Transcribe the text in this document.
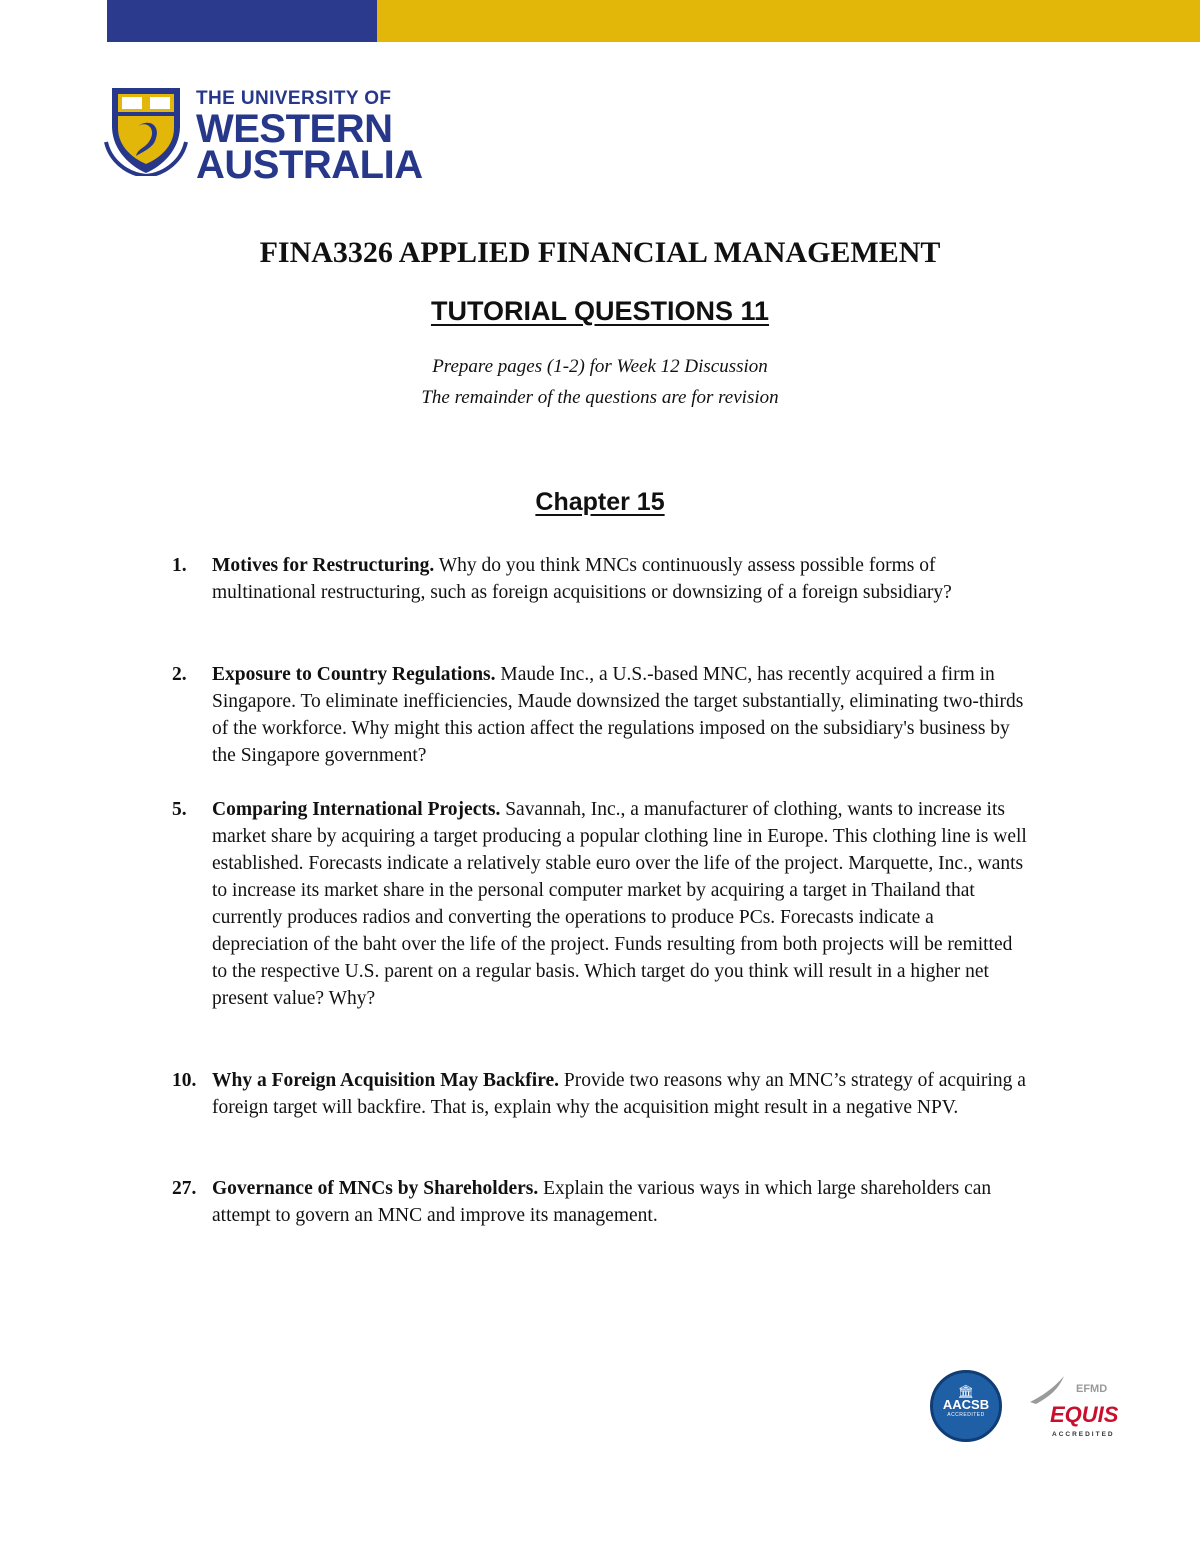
THE UNIVERSITY OF
WESTERN
AUSTRALIA
FINA3326 APPLIED FINANCIAL MANAGEMENT
TUTORIAL QUESTIONS 11
Prepare pages (1-2) for Week 12 Discussion
The remainder of the questions are for revision
Chapter 15
1. Motives for Restructuring. Why do you think MNCs continuously assess possible forms of multinational restructuring, such as foreign acquisitions or downsizing of a foreign subsidiary?
2. Exposure to Country Regulations. Maude Inc., a U.S.-based MNC, has recently acquired a firm in Singapore. To eliminate inefficiencies, Maude downsized the target substantially, eliminating two-thirds of the workforce. Why might this action affect the regulations imposed on the subsidiary's business by the Singapore government?
5. Comparing International Projects. Savannah, Inc., a manufacturer of clothing, wants to increase its market share by acquiring a target producing a popular clothing line in Europe. This clothing line is well established. Forecasts indicate a relatively stable euro over the life of the project. Marquette, Inc., wants to increase its market share in the personal computer market by acquiring a target in Thailand that currently produces radios and converting the operations to produce PCs. Forecasts indicate a depreciation of the baht over the life of the project. Funds resulting from both projects will be remitted to the respective U.S. parent on a regular basis. Which target do you think will result in a higher net present value? Why?
10. Why a Foreign Acquisition May Backfire. Provide two reasons why an MNC’s strategy of acquiring a foreign target will backfire. That is, explain why the acquisition might result in a negative NPV.
27. Governance of MNCs by Shareholders. Explain the various ways in which large shareholders can attempt to govern an MNC and improve its management.
🏛
AACSB
ACCREDITED
EFMD
EQUIS
ACCREDITED
